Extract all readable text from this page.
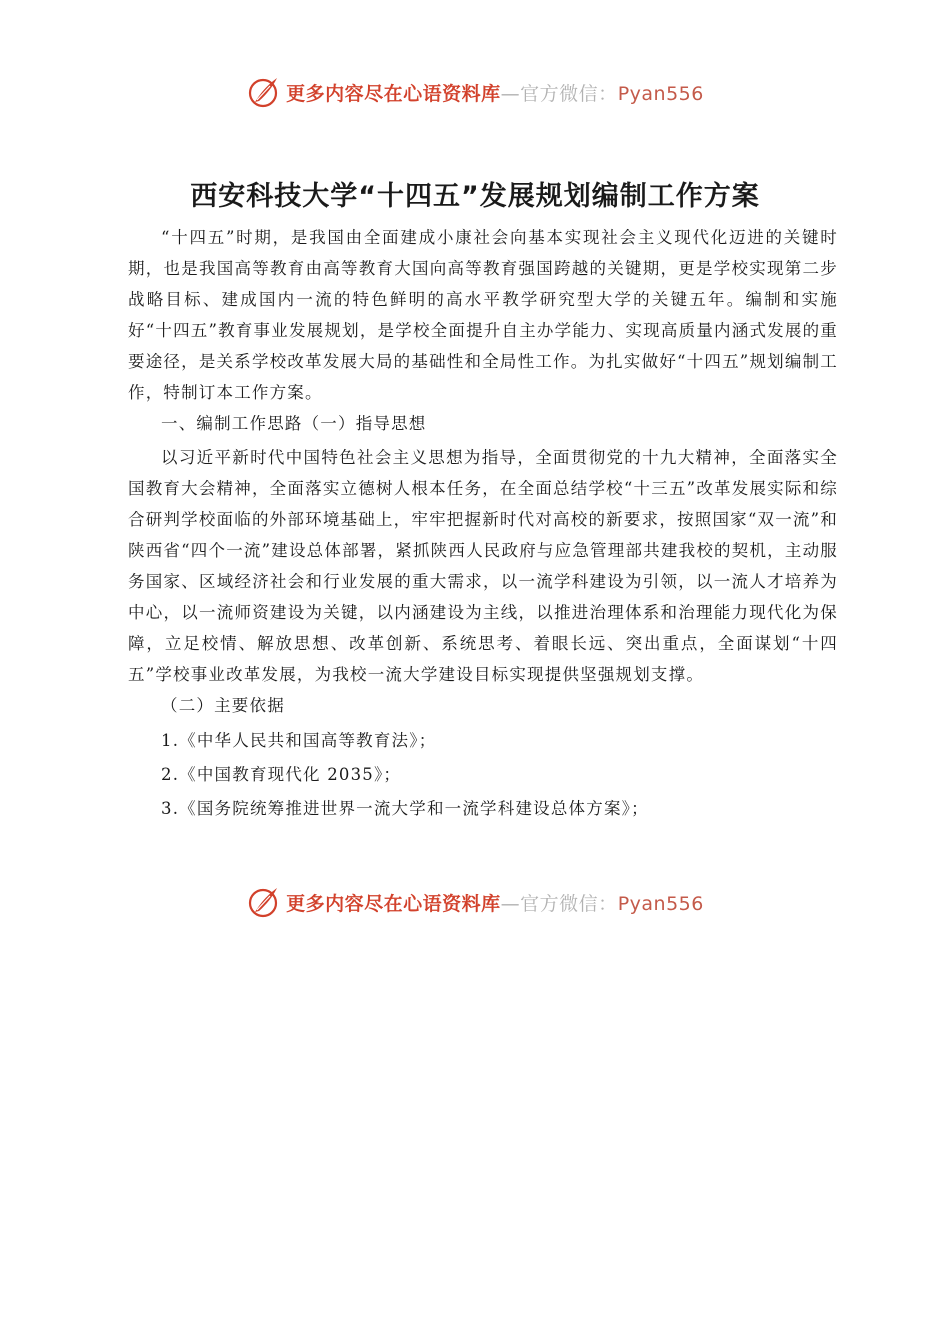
更多内容尽在心语资料库—官方微信：Pyan556
西安科技大学“十四五”发展规划编制工作方案

“十四五”时期，是我国由全面建成小康社会向基本实现社会主义现代化迈进的关键时期，也是我国高等教育由高等教育大国向高等教育强国跨越的关键期，更是学校实现第二步战略目标、建成国内一流的特色鲜明的高水平教学研究型大学的关键五年。编制和实施好“十四五”教育事业发展规划，是学校全面提升自主办学能力、实现高质量内涵式发展的重要途径，是关系学校改革发展大局的基础性和全局性工作。为扎实做好“十四五”规划编制工作，特制订本工作方案。

一、编制工作思路（一）指导思想

以习近平新时代中国特色社会主义思想为指导，全面贯彻党的十九大精神，全面落实全国教育大会精神，全面落实立德树人根本任务，在全面总结学校“十三五”改革发展实际和综合研判学校面临的外部环境基础上，牢牢把握新时代对高校的新要求，按照国家“双一流”和陕西省“四个一流”建设总体部署，紧抓陕西人民政府与应急管理部共建我校的契机，主动服务国家、区域经济社会和行业发展的重大需求，以一流学科建设为引领，以一流人才培养为中心，以一流师资建设为关键，以内涵建设为主线，以推进治理体系和治理能力现代化为保障，立足校情、解放思想、改革创新、系统思考、着眼长远、突出重点，全面谋划“十四五”学校事业改革发展，为我校一流大学建设目标实现提供坚强规划支撑。

（二）主要依据

1.《中华人民共和国高等教育法》；

2.《中国教育现代化 2035》；

3.《国务院统筹推进世界一流大学和一流学科建设总体方案》；

更多内容尽在心语资料库—官方微信：Pyan556
